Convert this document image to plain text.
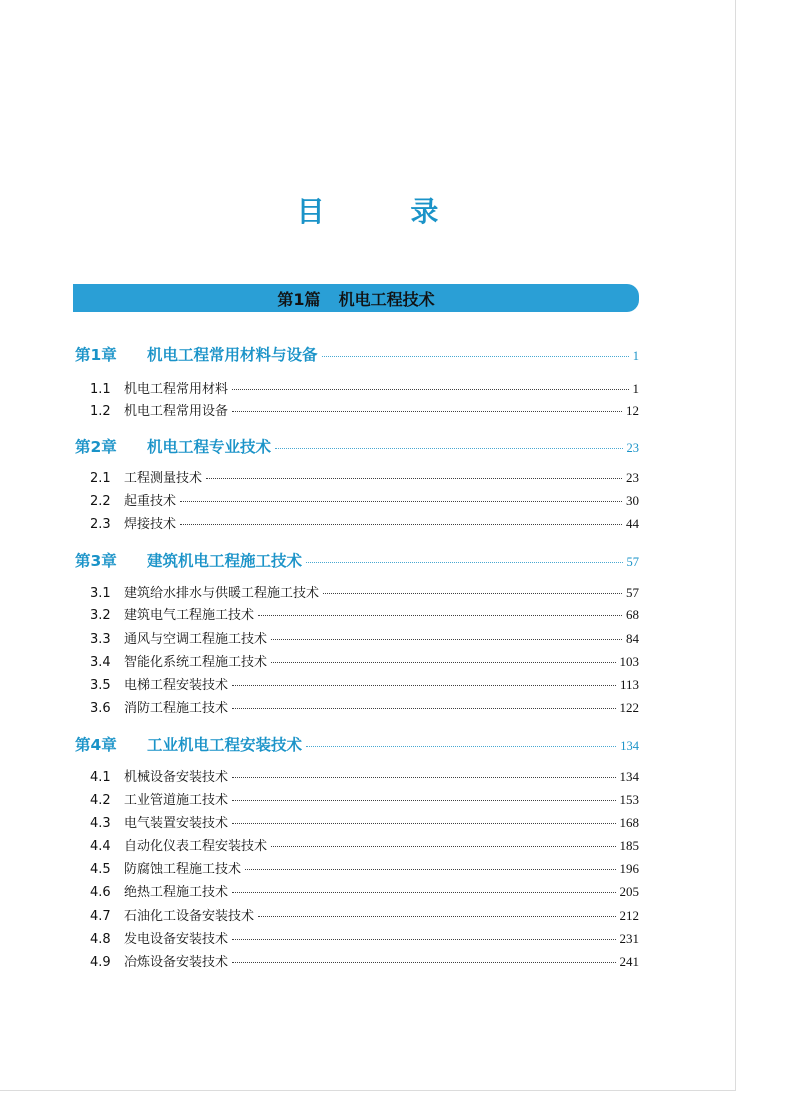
目 录
第1篇 机电工程技术
第1章	机电工程常用材料与设备	1
1.1	机电工程常用材料	1
1.2	机电工程常用设备	12
第2章	机电工程专业技术	23
2.1	工程测量技术	23
2.2	起重技术	30
2.3	焊接技术	44
第3章	建筑机电工程施工技术	57
3.1	建筑给水排水与供暖工程施工技术	57
3.2	建筑电气工程施工技术	68
3.3	通风与空调工程施工技术	84
3.4	智能化系统工程施工技术	103
3.5	电梯工程安装技术	113
3.6	消防工程施工技术	122
第4章	工业机电工程安装技术	134
4.1	机械设备安装技术	134
4.2	工业管道施工技术	153
4.3	电气装置安装技术	168
4.4	自动化仪表工程安装技术	185
4.5	防腐蚀工程施工技术	196
4.6	绝热工程施工技术	205
4.7	石油化工设备安装技术	212
4.8	发电设备安装技术	231
4.9	冶炼设备安装技术	241
